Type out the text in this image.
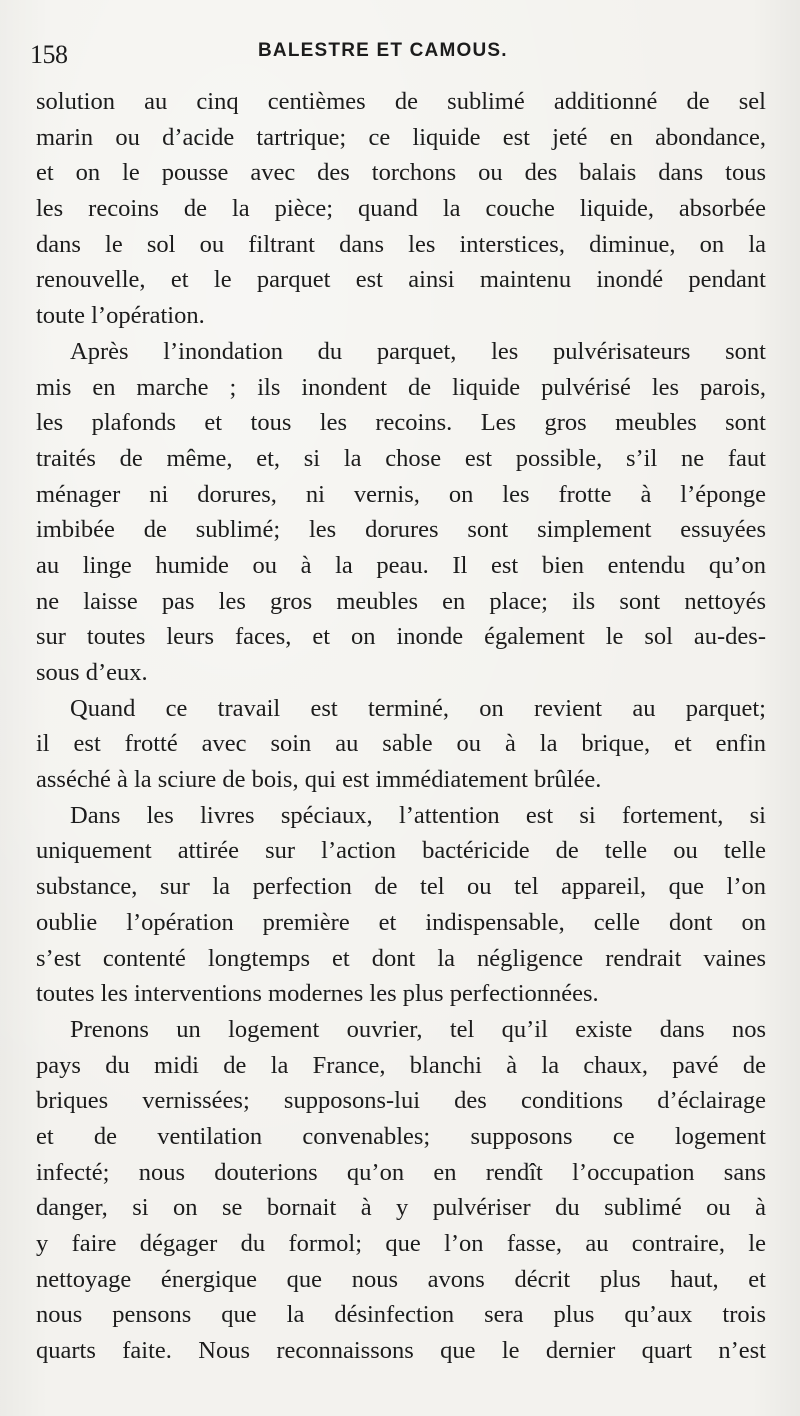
158	BALESTRE ET CAMOUS.
solution au cinq centièmes de sublimé additionné de sel
marin ou d’acide tartrique; ce liquide est jeté en abondance,
et on le pousse avec des torchons ou des balais dans tous
les recoins de la pièce; quand la couche liquide, absorbée
dans le sol ou filtrant dans les interstices, diminue, on la
renouvelle, et le parquet est ainsi maintenu inondé pendant
toute l’opération.
Après l’inondation du parquet, les pulvérisateurs sont
mis en marche ; ils inondent de liquide pulvérisé les parois,
les plafonds et tous les recoins. Les gros meubles sont
traités de même, et, si la chose est possible, s’il ne faut
ménager ni dorures, ni vernis, on les frotte à l’éponge
imbibée de sublimé; les dorures sont simplement essuyées
au linge humide ou à la peau. Il est bien entendu qu’on
ne laisse pas les gros meubles en place; ils sont nettoyés
sur toutes leurs faces, et on inonde également le sol au-des-
sous d’eux.
Quand ce travail est terminé, on revient au parquet;
il est frotté avec soin au sable ou à la brique, et enfin
asséché à la sciure de bois, qui est immédiatement brûlée.
Dans les livres spéciaux, l’attention est si fortement, si
uniquement attirée sur l’action bactéricide de telle ou telle
substance, sur la perfection de tel ou tel appareil, que l’on
oublie l’opération première et indispensable, celle dont on
s’est contenté longtemps et dont la négligence rendrait vaines
toutes les interventions modernes les plus perfectionnées.
Prenons un logement ouvrier, tel qu’il existe dans nos
pays du midi de la France, blanchi à la chaux, pavé de
briques vernissées; supposons-lui des conditions d’éclairage
et de ventilation convenables; supposons ce logement
infecté; nous douterions qu’on en rendît l’occupation sans
danger, si on se bornait à y pulvériser du sublimé ou à
y faire dégager du formol; que l’on fasse, au contraire, le
nettoyage énergique que nous avons décrit plus haut, et
nous pensons que la désinfection sera plus qu’aux trois
quarts faite. Nous reconnaissons que le dernier quart n’est
